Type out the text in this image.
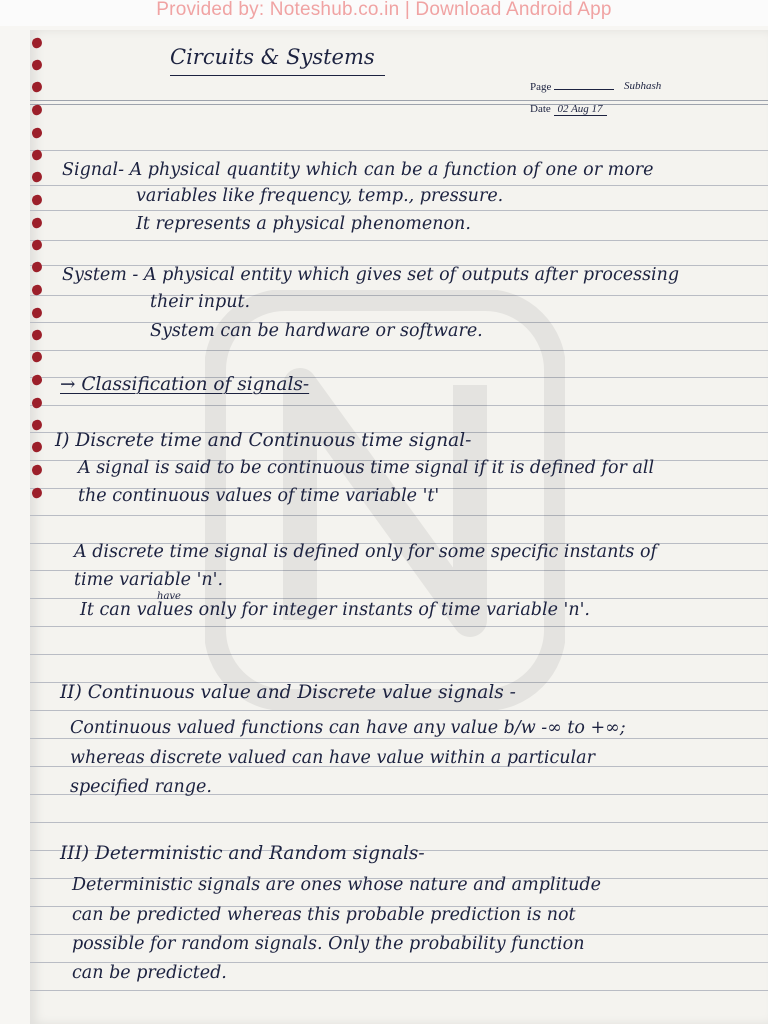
Provided by: Noteshub.co.in | Download Android App
Circuits & Systems
Page	Subhash
Date 02 Aug 17
Signal- A physical quantity which can be a function of one or more
variables like frequency, temp., pressure.
It represents a physical phenomenon.
System - A physical entity which gives set of outputs after processing
their input.
System can be hardware or software.
→ Classification of signals-
I) Discrete time and Continuous time signal-
A signal is said to be continuous time signal if it is defined for all
the continuous values of time variable 't'
A discrete time signal is defined only for some specific instants of
time variable 'n'.
have
It can values only for integer instants of time variable 'n'.
II) Continuous value and Discrete value signals -
Continuous valued functions can have any value b/w -∞ to +∞;
whereas discrete valued can have value within a particular
specified range.
III) Deterministic and Random signals-
Deterministic signals are ones whose nature and amplitude
can be predicted whereas this probable prediction is not
possible for random signals. Only the probability function
can be predicted.
